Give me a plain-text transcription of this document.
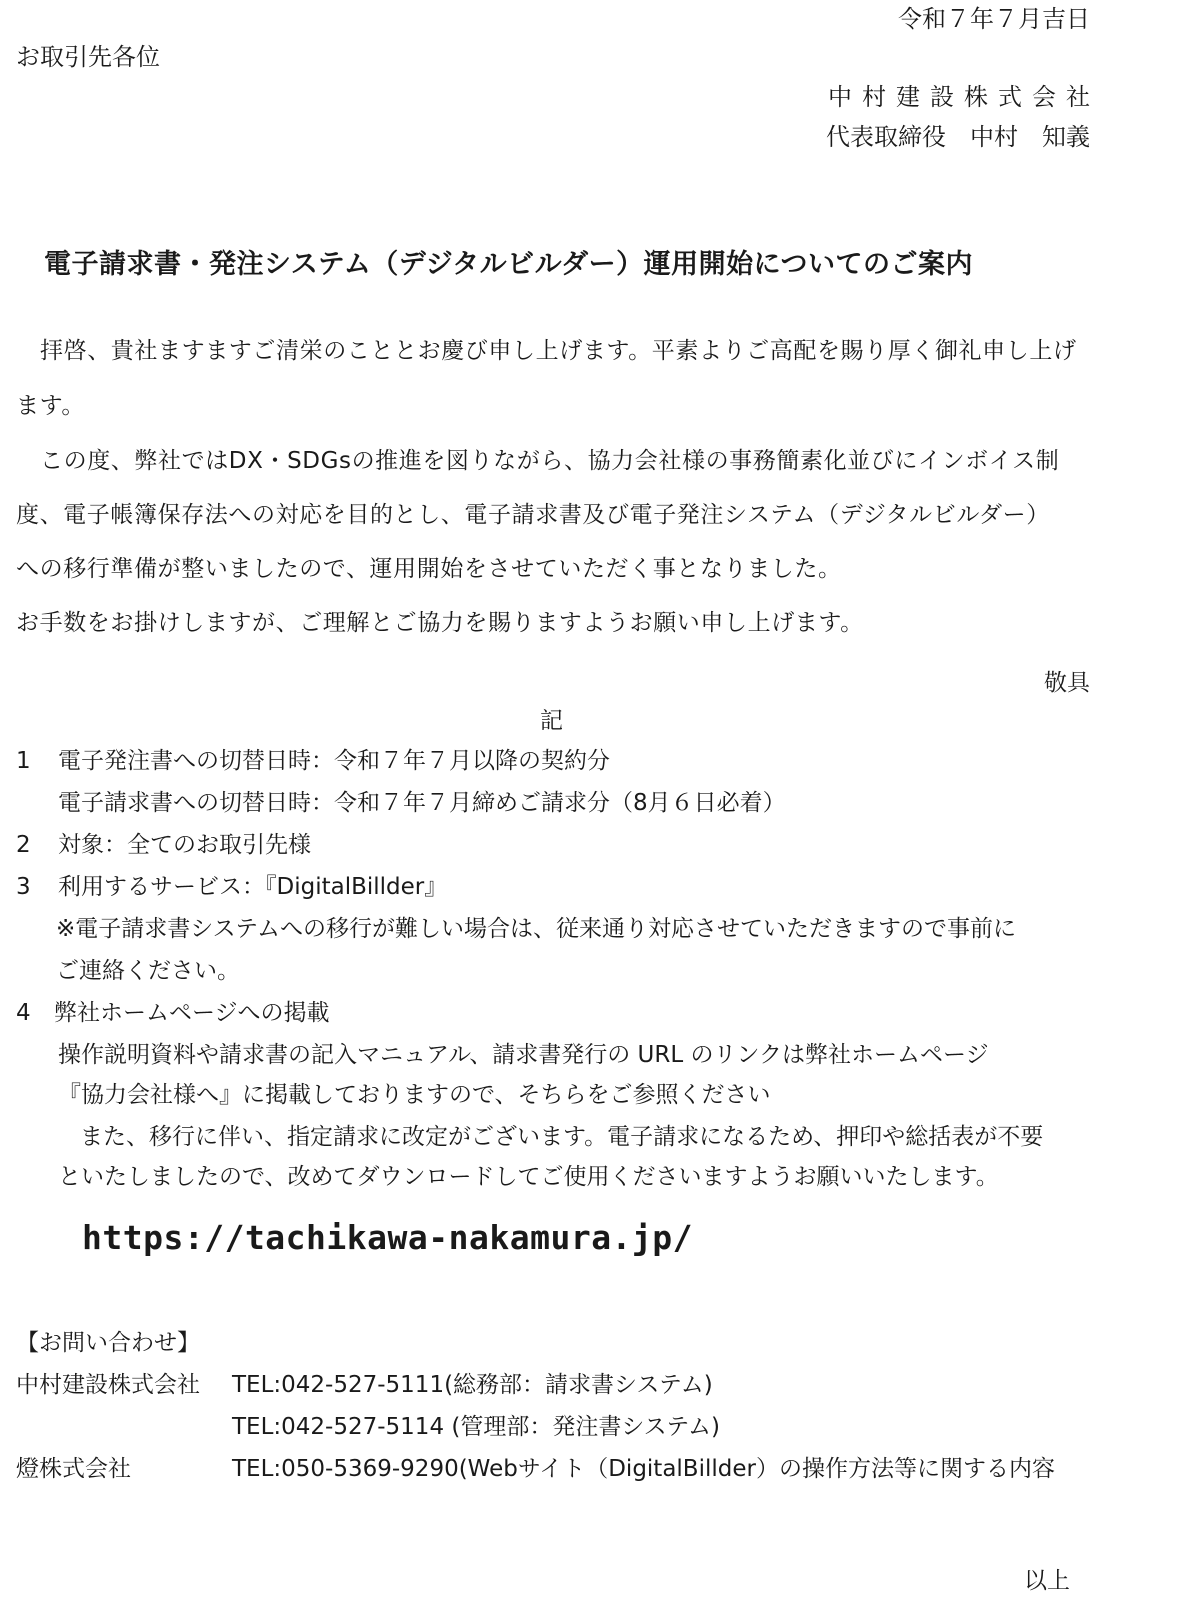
令和７年７月吉日
お取引先各位
中村建設株式会社
代表取締役　中村　知義
電子請求書・発注システム（デジタルビルダー）運用開始についてのご案内
拝啓、貴社ますますご清栄のこととお慶び申し上げます。平素よりご高配を賜り厚く御礼申し上げ
ます。
この度、弊社ではDX・SDGsの推進を図りながら、協力会社様の事務簡素化並びにインボイス制
度、電子帳簿保存法への対応を目的とし、電子請求書及び電子発注システム（デジタルビルダー）
への移行準備が整いましたので、運用開始をさせていただく事となりました。
お手数をお掛けしますが、ご理解とご協力を賜りますようお願い申し上げます。
敬具
記
1 電子発注書への切替日時：令和７年７月以降の契約分
電子請求書への切替日時：令和７年７月締めご請求分（8月６日必着）
2 対象：全てのお取引先様
3 利用するサービス：『DigitalBillder』
※電子請求書システムへの移行が難しい場合は、従来通り対応させていただきますので事前に
ご連絡ください。
4 弊社ホームページへの掲載
操作説明資料や請求書の記入マニュアル、請求書発行の URL のリンクは弊社ホームページ
『協力会社様へ』に掲載しておりますので、そちらをご参照ください
また、移行に伴い、指定請求に改定がございます。電子請求になるため、押印や総括表が不要
といたしましたので、改めてダウンロードしてご使用くださいますようお願いいたします。
https://tachikawa-nakamura.jp/
【お問い合わせ】
中村建設株式会社 TEL:042-527-5111(総務部：請求書システム)
TEL:042-527-5114 (管理部：発注書システム)
燈株式会社	TEL:050-5369-9290(Webサイト（DigitalBillder）の操作方法等に関する内容
以上
